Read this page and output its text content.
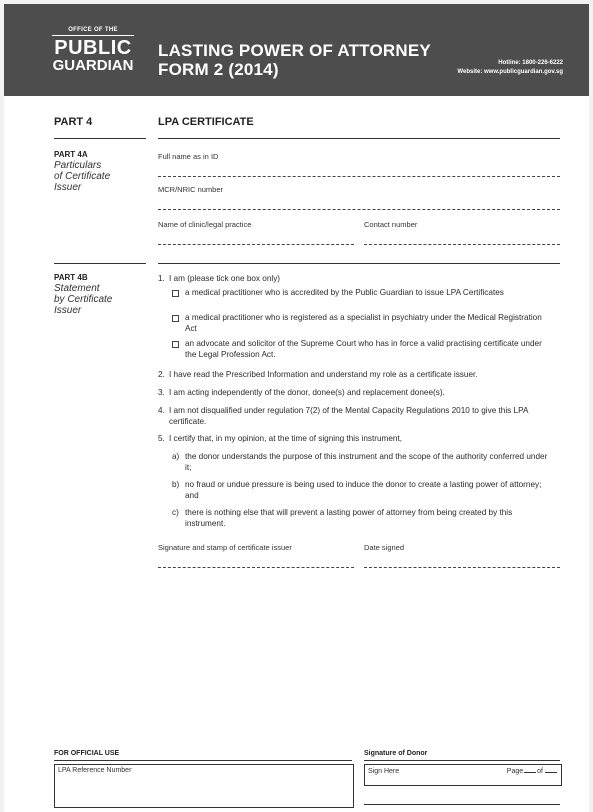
OFFICE OF THE
PUBLIC
GUARDIAN
LASTING POWER OF ATTORNEY
FORM 2 (2014)	Hotline: 1800-226-6222
Website: www.publicguardian.gov.sg
PART 4	LPA CERTIFICATE
PART 4A
Particulars
of Certificate
Issuer
Full name as in ID
MCR/NRIC number
Name of clinic/legal practice	Contact number
PART 4B
Statement
by Certificate
Issuer
1. I am (please tick one box only)
a medical practitioner who is accredited by the Public Guardian to issue LPA Certificates
a medical practitioner who is registered as a specialist in psychiatry under the Medical Registration Act
an advocate and solicitor of the Supreme Court who has in force a valid practising certificate under the Legal Profession Act.
2. I have read the Prescribed Information and understand my role as a certificate issuer.
3. I am acting independently of the donor, donee(s) and replacement donee(s).
4. I am not disqualified under regulation 7(2) of the Mental Capacity Regulations 2010 to give this LPA certificate.
5. I certify that, in my opinion, at the time of signing this instrument,
a) the donor understands the purpose of this instrument and the scope of the authority conferred under it;
b) no fraud or undue pressure is being used to induce the donor to create a lasting power of attorney; and
c) there is nothing else that will prevent a lasting power of attorney from being created by this instrument.
Signature and stamp of certificate issuer	Date signed
FOR OFFICIAL USE
LPA Reference Number
Signature of Donor
Sign Here	Page of
